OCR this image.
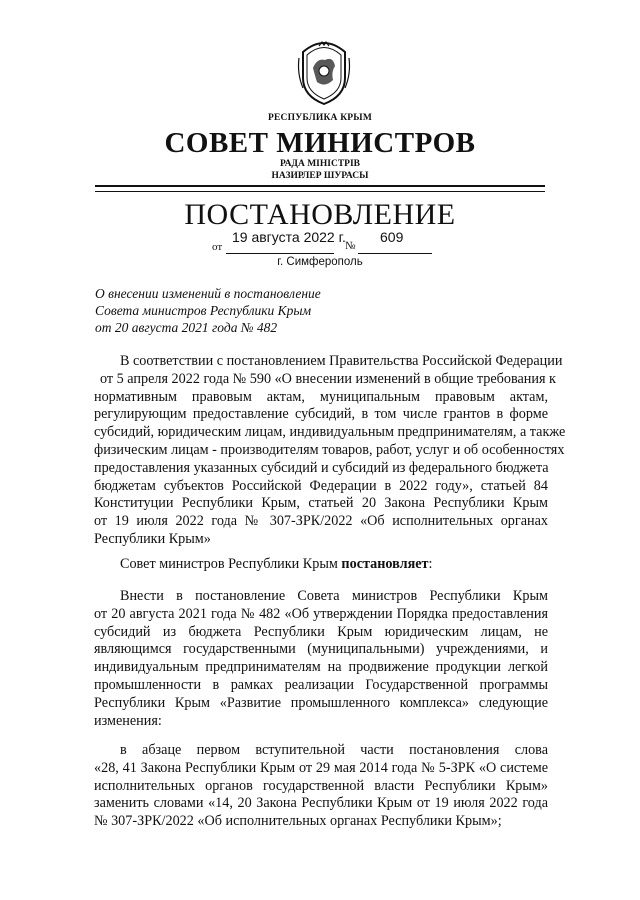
РЕСПУБЛИКА КРЫМ
СОВЕТ МИНИСТРОВ
РАДА МІНІСТРІВ
НАЗИРЛЕР ШУРАСЫ
ПОСТАНОВЛЕНИЕ
от
19 августа 2022 г.
№
609
г. Симферополь
О внесении изменений в постановление
Совета министров Республики Крым
от 20 августа 2021 года № 482
В соответствии с постановлением Правительства Российской Федерации
от 5 апреля 2022 года № 590 «О внесении изменений в общие требования к
нормативным правовым актам, муниципальным правовым актам,
регулирующим предоставление субсидий, в том числе грантов в форме
субсидий, юридическим лицам, индивидуальным предпринимателям, а также
физическим лицам - производителям товаров, работ, услуг и об особенностях
предоставления указанных субсидий и субсидий из федерального бюджета
бюджетам субъектов Российской Федерации в 2022 году», статьей 84
Конституции Республики Крым, статьей 20 Закона Республики Крым
от 19 июля 2022 года № 307-ЗРК/2022 «Об исполнительных органах
Республики Крым»
Совет министров Республики Крым постановляет:
Внести в постановление Совета министров Республики Крым
от 20 августа 2021 года № 482 «Об утверждении Порядка предоставления
субсидий из бюджета Республики Крым юридическим лицам, не
являющимся государственными (муниципальными) учреждениями, и
индивидуальным предпринимателям на продвижение продукции легкой
промышленности в рамках реализации Государственной программы
Республики Крым «Развитие промышленного комплекса» следующие
изменения:
в абзаце первом вступительной части постановления слова
«28, 41 Закона Республики Крым от 29 мая 2014 года № 5-ЗРК «О системе
исполнительных органов государственной власти Республики Крым»
заменить словами «14, 20 Закона Республики Крым от 19 июля 2022 года
№ 307-ЗРК/2022 «Об исполнительных органах Республики Крым»;
